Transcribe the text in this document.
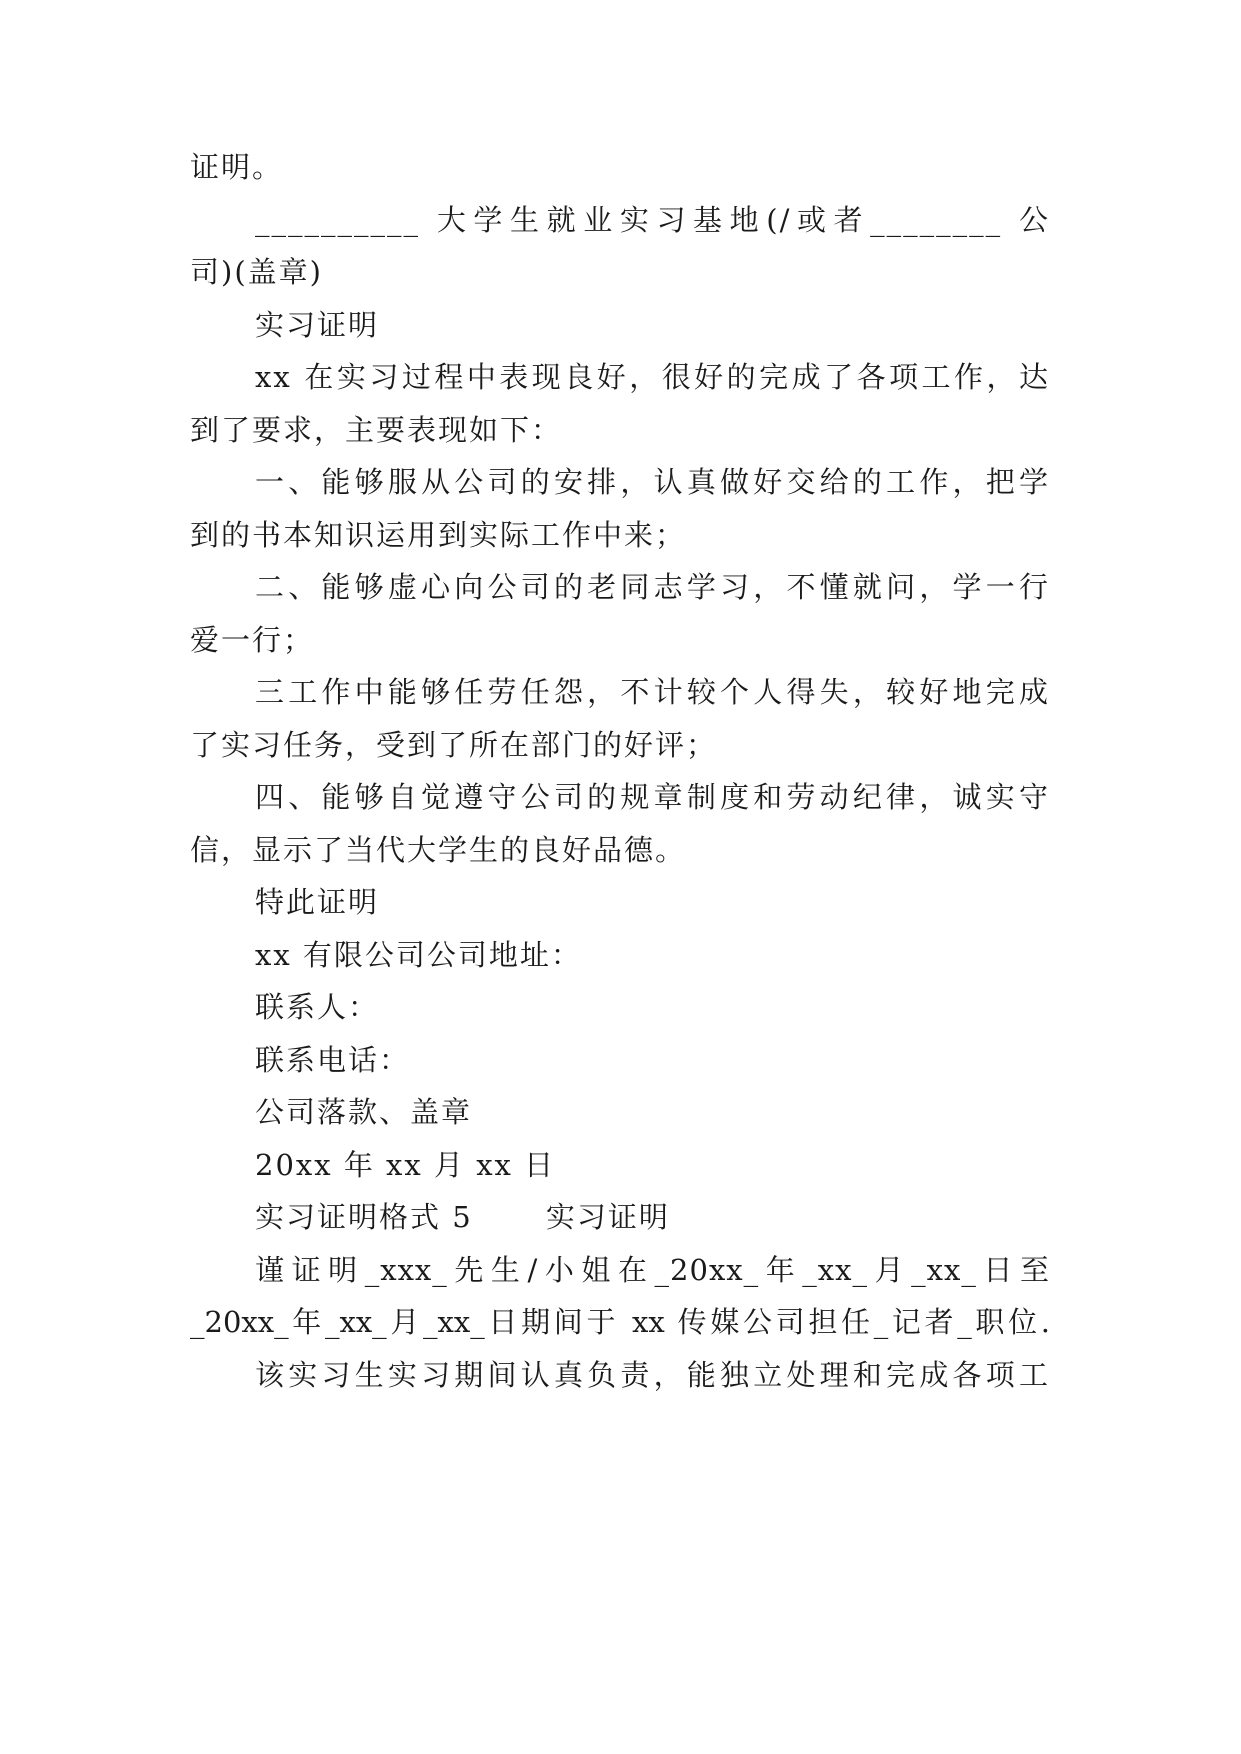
证明。
__________ 大学生就业实习基地(/或者________ 公
司)(盖章)
实习证明
xx 在实习过程中表现良好，很好的完成了各项工作，达
到了要求，主要表现如下：
一、能够服从公司的安排，认真做好交给的工作，把学
到的书本知识运用到实际工作中来；
二、能够虚心向公司的老同志学习，不懂就问，学一行
爱一行；
三工作中能够任劳任怨，不计较个人得失，较好地完成
了实习任务，受到了所在部门的好评；
四、能够自觉遵守公司的规章制度和劳动纪律，诚实守
信，显示了当代大学生的良好品德。
特此证明
xx 有限公司公司地址：
联系人：
联系电话：
公司落款、盖章
20xx 年 xx 月 xx 日
实习证明格式 5　　 实习证明
谨证明_xxx_先生/小姐在_20xx_年_xx_月_xx_日至
_20xx_年_xx_月_xx_日期间于 xx 传媒公司担任_记者_职位.
该实习生实习期间认真负责，能独立处理和完成各项工
